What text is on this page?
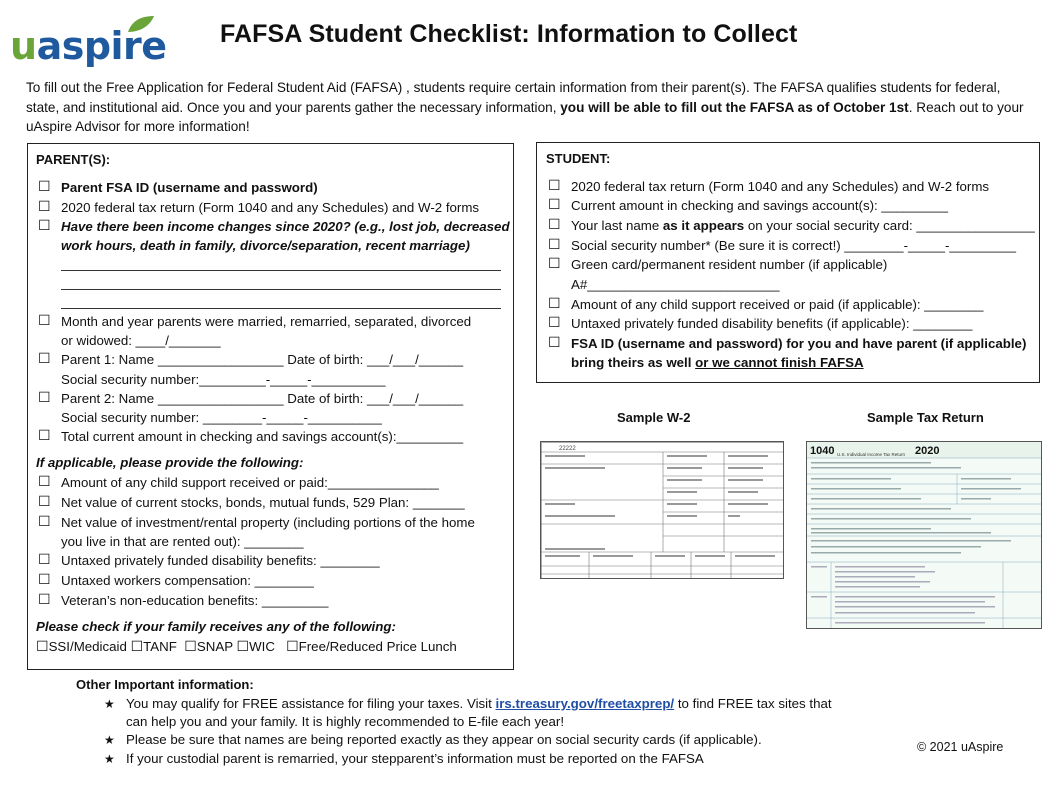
uaspire FAFSA Student Checklist: Information to Collect
To fill out the Free Application for Federal Student Aid (FAFSA) , students require certain information from their parent(s). The FAFSA qualifies students for federal, state, and institutional aid. Once you and your parents gather the necessary information, you will be able to fill out the FAFSA as of October 1st. Reach out to your uAspire Advisor for more information!
PARENT(S):
☐ Parent FSA ID (username and password)
☐ 2020 federal tax return (Form 1040 and any Schedules) and W-2 forms
☐ Have there been income changes since 2020? (e.g., lost job, decreased
work hours, death in family, divorce/separation, recent marriage)
☐ Month and year parents were married, remarried, separated, divorced
or widowed: ____/_______
☐ Parent 1: Name _________________ Date of birth: ___/___/______
Social security number:_________-_____-__________
☐ Parent 2: Name _________________ Date of birth: ___/___/______
Social security number: ________-_____-__________
☐ Total current amount in checking and savings account(s):_________
If applicable, please provide the following:
☐ Amount of any child support received or paid:_______________
☐ Net value of current stocks, bonds, mutual funds, 529 Plan: _______
☐ Net value of investment/rental property (including portions of the home
you live in that are rented out): ________
☐ Untaxed privately funded disability benefits: ________
☐ Untaxed workers compensation: ________
☐ Veteran’s non-education benefits: _________
Please check if your family receives any of the following:
☐SSI/Medicaid ☐TANF ☐SNAP ☐WIC ☐Free/Reduced Price Lunch
STUDENT:
☐ 2020 federal tax return (Form 1040 and any Schedules) and W-2 forms
☐ Current amount in checking and savings account(s): _________
☐ Your last name as it appears on your social security card: ________________
☐ Social security number* (Be sure it is correct!) ________-_____-_________
☐ Green card/permanent resident number (if applicable)
A#__________________________
☐ Amount of any child support received or paid (if applicable): ________
☐ Untaxed privately funded disability benefits (if applicable): ________
☐ FSA ID (username and password) for you and have parent (if applicable)
bring theirs as well or we cannot finish FAFSA
Sample W-2	Sample Tax Return
22222	1040	2020
U.S. Individual Income Tax Return
Other Important information:
★ You may qualify for FREE assistance for filing your taxes. Visit irs.treasury.gov/freetaxprep/ to find FREE tax sites that
can help you and your family. It is highly recommended to E-file each year!
★ Please be sure that names are being reported exactly as they appear on social security cards (if applicable).
★ If your custodial parent is remarried, your stepparent’s information must be reported on the FAFSA
© 2021 uAspire
